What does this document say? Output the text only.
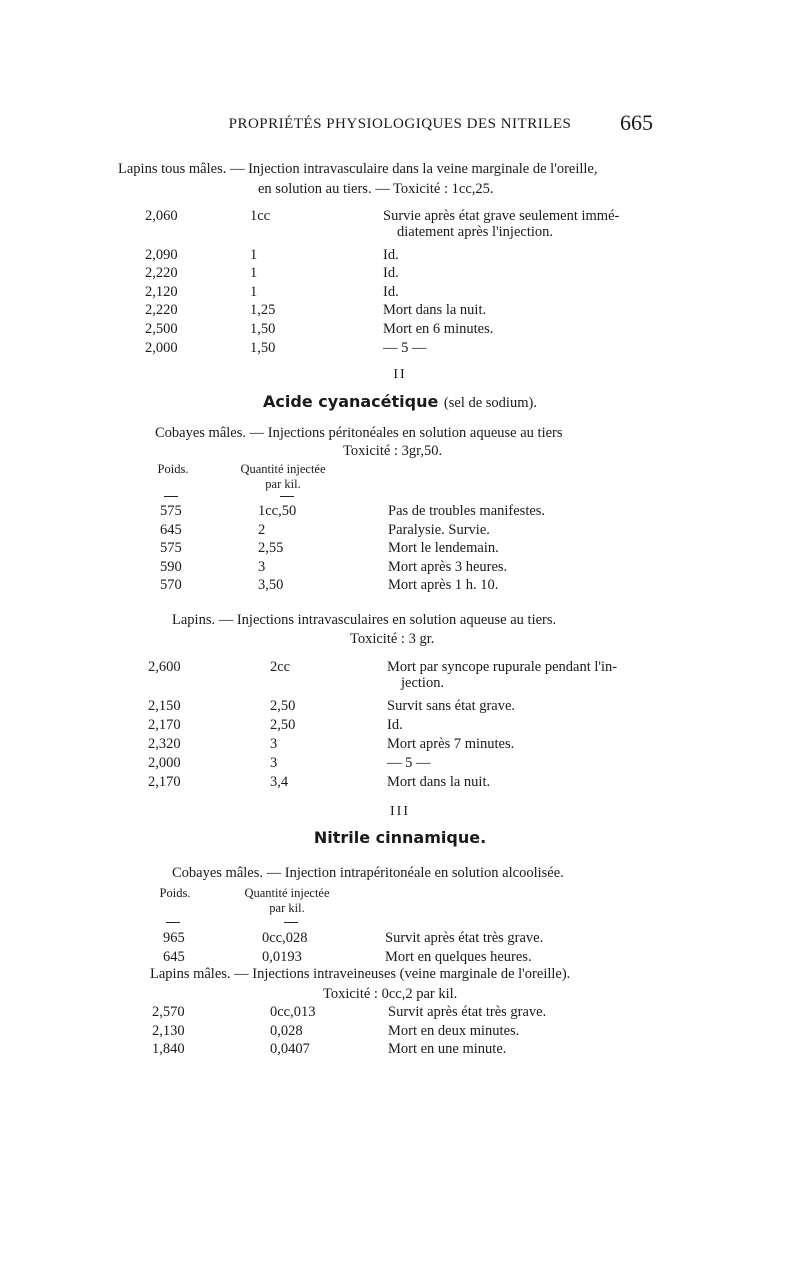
PROPRIÉTÉS PHYSIOLOGIQUES DES NITRILES	665
Lapins tous mâles. — Injection intravasculaire dans la veine marginale de l'oreille,
en solution au tiers. — Toxicité : 1cc,25.
2,060	1cc	Survie après état grave seulement immé-
diatement après l'injection.
2,090	1	Id.
2,220	1	Id.
2,120	1	Id.
2,220	1,25	Mort dans la nuit.
2,500	1,50	Mort en 6 minutes.
2,000	1,50	— 5 —
II
Acide cyanacétique (sel de sodium).
Cobayes mâles. — Injections péritonéales en solution aqueuse au tiers
Toxicité : 3gr,50.
Poids.	Quantité injectée
par kil.
575	1cc,50	Pas de troubles manifestes.
645	2	Paralysie. Survie.
575	2,55	Mort le lendemain.
590	3	Mort après 3 heures.
570	3,50	Mort après 1 h. 10.
Lapins. — Injections intravasculaires en solution aqueuse au tiers.
Toxicité : 3 gr.
2,600	2cc	Mort par syncope rupurale pendant l'in-
jection.
2,150	2,50	Survit sans état grave.
2,170	2,50	Id.
2,320	3	Mort après 7 minutes.
2,000	3	— 5 —
2,170	3,4	Mort dans la nuit.
III
Nitrile cinnamique.
Cobayes mâles. — Injection intrapéritonéale en solution alcoolisée.
Poids.	Quantité injectée
par kil.
965	0cc,028	Survit après état très grave.
645	0,0193	Mort en quelques heures.
Lapins mâles. — Injections intraveineuses (veine marginale de l'oreille).
Toxicité : 0cc,2 par kil.
2,570	0cc,013	Survit après état très grave.
2,130	0,028	Mort en deux minutes.
1,840	0,0407	Mort en une minute.
